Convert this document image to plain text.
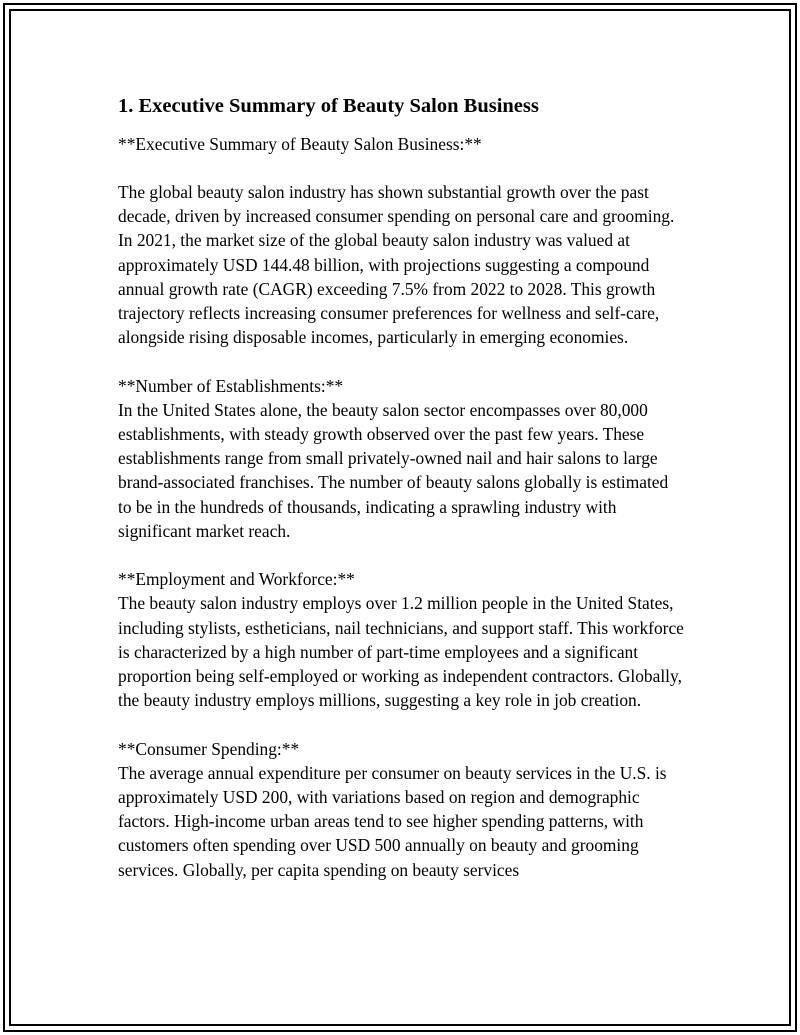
1. Executive Summary of Beauty Salon Business

**Executive Summary of Beauty Salon Business:**

The global beauty salon industry has shown substantial growth over the past decade, driven by increased consumer spending on personal care and grooming. In 2021, the market size of the global beauty salon industry was valued at approximately USD 144.48 billion, with projections suggesting a compound annual growth rate (CAGR) exceeding 7.5% from 2022 to 2028. This growth trajectory reflects increasing consumer preferences for wellness and self-care, alongside rising disposable incomes, particularly in emerging economies.

**Number of Establishments:**

In the United States alone, the beauty salon sector encompasses over 80,000 establishments, with steady growth observed over the past few years. These establishments range from small privately-owned nail and hair salons to large brand-associated franchises. The number of beauty salons globally is estimated to be in the hundreds of thousands, indicating a sprawling industry with significant market reach.

**Employment and Workforce:**

The beauty salon industry employs over 1.2 million people in the United States, including stylists, estheticians, nail technicians, and support staff. This workforce is characterized by a high number of part-time employees and a significant proportion being self-employed or working as independent contractors. Globally, the beauty industry employs millions, suggesting a key role in job creation.

**Consumer Spending:**

The average annual expenditure per consumer on beauty services in the U.S. is approximately USD 200, with variations based on region and demographic factors. High-income urban areas tend to see higher spending patterns, with customers often spending over USD 500 annually on beauty and grooming services. Globally, per capita spending on beauty services
